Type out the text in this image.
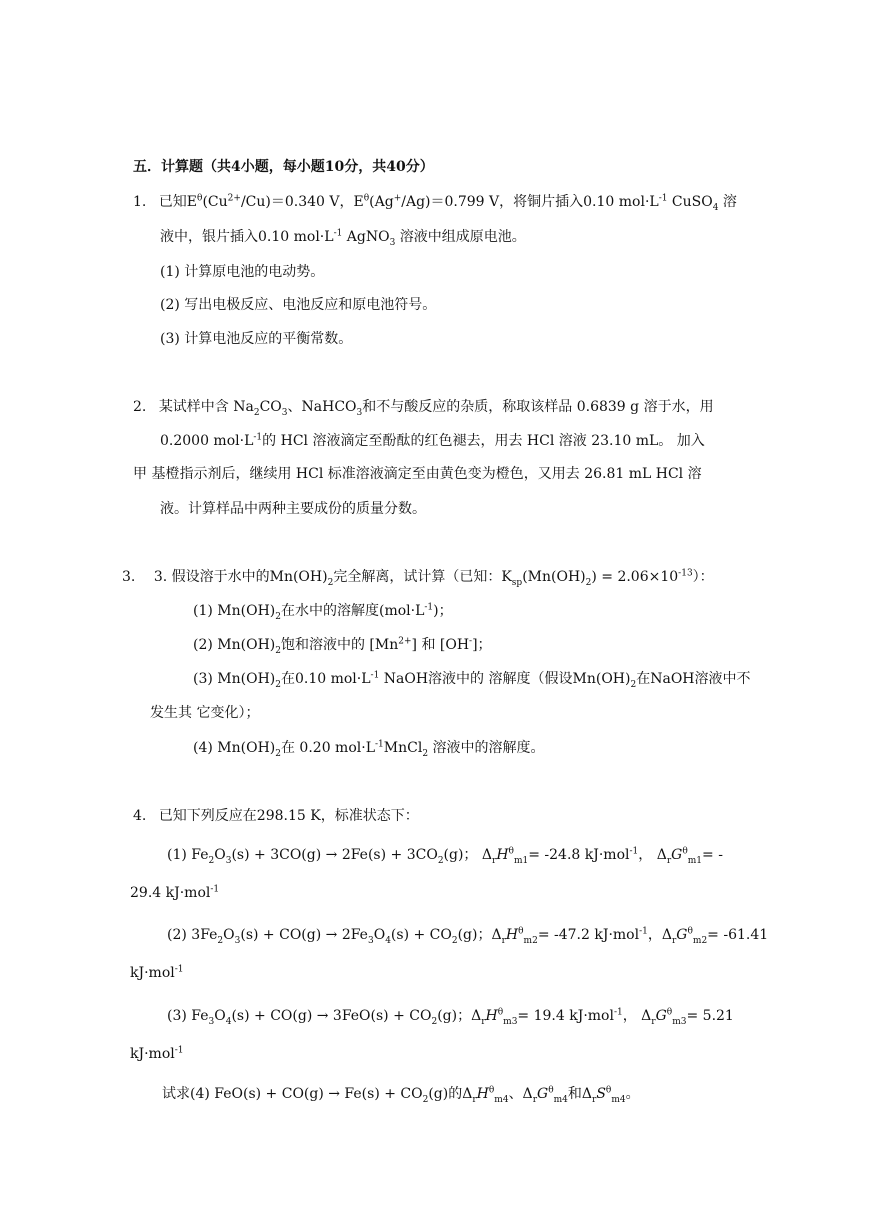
五．计算题（共4小题，每小题10分，共40分）
1. 已知$E^\theta(Cu^{2+}/Cu)=0.340$ V，$E^\theta(Ag^+/Ag)=0.799$ V，将铜片插入0.10 $mol\cdot L^{-1}$ CuSO$_4$ 溶
液中，银片插入0.10 $mol\cdot L^{-1}$ AgNO$_3$ 溶液中组成原电池。
(1) 计算原电池的电动势。
(2) 写出电极反应、电池反应和原电池符号。
(3) 计算电池反应的平衡常数。
2. 某试样中含 $Na_2CO_3$、NaHCO$_3$和不与酸反应的杂质，称取该样品 0.6839 g 溶于水，用
0.2000 $mol\cdot L^{-1}$的 HCl 溶液滴定至酚酞的红色褪去，用去 HCl 溶液 23.10 mL。 加入
甲 基橙指示剂后，继续用 HCl 标准溶液滴定至由黄色变为橙色，又用去 26.81 mL HCl 溶
液。计算样品中两种主要成份的质量分数。
3. 3. 假设溶于水中的$Mn(OH)_2$完全解离，试计算（已知：$K_{sp}(Mn(OH)_2) = 2.06\times 10^{-13}$）：
(1) $Mn(OH)_2$在水中的溶解度$(mol\cdot L^{-1})$；
(2) $Mn(OH)_2$饱和溶液中的 $[Mn^{2+}]$ 和 [OH-]；
(3) $Mn(OH)_2$在0.10 $mol\cdot L^{-1}$ NaOH溶液中的 溶解度（假设$Mn(OH)_2$在NaOH溶液中不
发生其 它变化）；
(4) $Mn(OH)_2$在 0.20 $mol\cdot L^{-1}MnCl_2$ 溶液中的溶解度。
4. 已知下列反应在298.15 K，标准状态下：
(1) $Fe_2O_3(s) + 3CO(g) \to 2Fe(s) + 3CO_2(g)$； $\Delta_rH^\theta_{m1}= -24.8$ kJ·mol$^{-1}$， $\Delta_rG^\theta_{m1}=$ -
29.4 kJ·mol$^{-1}$
(2) $3Fe_2O_3(s) + CO(g) \to 2Fe_3O_4(s) + CO_2(g)$；$\Delta_rH^\theta_{m2}= -47.2$ kJ·mol$^{-1}$，$\Delta_rG^\theta_{m2}= -61.41$
kJ·mol$^{-1}$
(3) $Fe_3O_4(s) + CO(g) \to 3FeO(s) + CO_2(g)$；$\Delta_rH^\theta_{m3}= 19.4$ kJ·mol$^{-1}$， $\Delta_rG^\theta_{m3}= 5.21$
kJ·mol$^{-1}$
试求(4) $FeO(s) + CO(g) \to Fe(s) + CO_2(g)$的$\Delta_rH^\theta_{m4}$、$\Delta_rG^\theta_{m4}$和$\Delta_rS^\theta_{m4}$。
